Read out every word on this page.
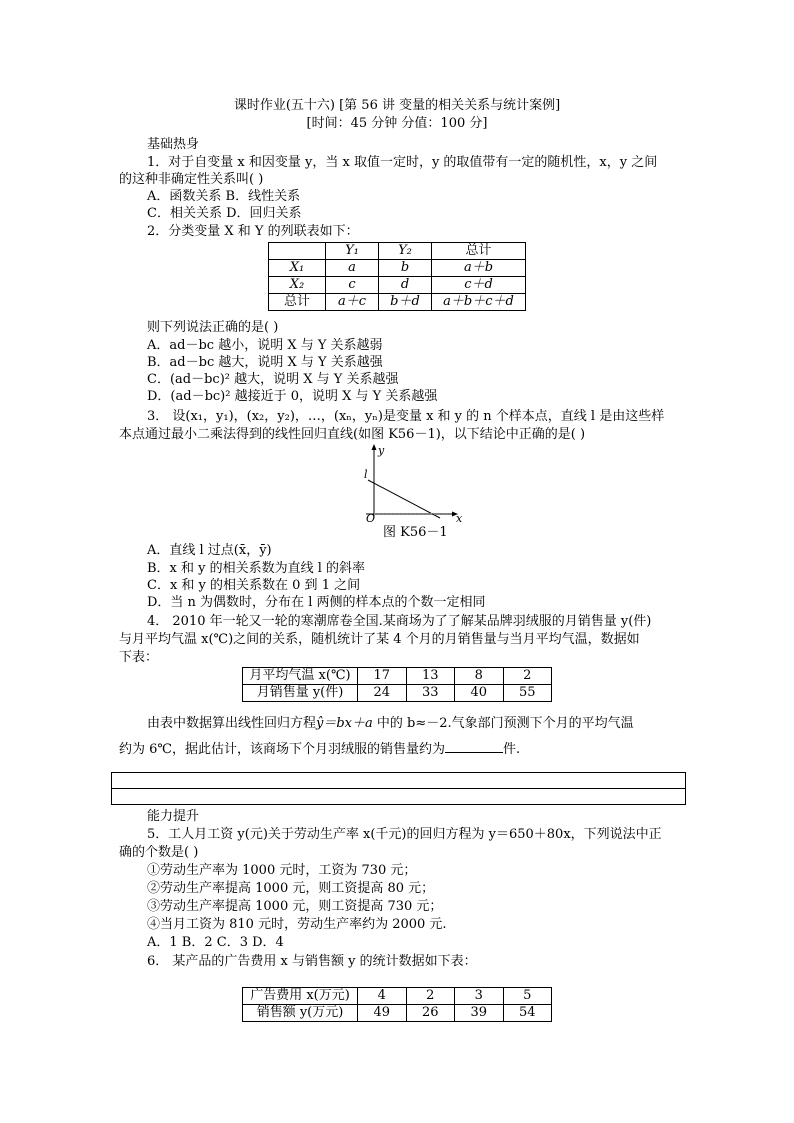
课时作业(五十六) [第 56 讲 变量的相关关系与统计案例]
[时间：45 分钟 分值：100 分]
基础热身
1．对于自变量 x 和因变量 y，当 x 取值一定时，y 的取值带有一定的随机性，x，y 之间
的这种非确定性关系叫( )
A．函数关系 B．线性关系
C．相关关系 D．回归关系
2．分类变量 X 和 Y 的列联表如下：
	Y₁	Y₂	总计
X₁	a	b	a＋b
X₂	c	d	c＋d
总计	a＋c	b＋d	a＋b＋c＋d
则下列说法正确的是( )
A．ad－bc 越小，说明 X 与 Y 关系越弱
B．ad－bc 越大，说明 X 与 Y 关系越强
C．(ad－bc)² 越大，说明 X 与 Y 关系越强
D．(ad－bc)² 越接近于 0，说明 X 与 Y 关系越强
3． 设(x₁，y₁)，(x₂，y₂)，…，(xₙ，yₙ)是变量 x 和 y 的 n 个样本点，直线 l 是由这些样
本点通过最小二乘法得到的线性回归直线(如图 K56－1)，以下结论中正确的是( )
y
x
O
l
图 K56－1
A．直线 l 过点(x̄，ȳ)
B．x 和 y 的相关系数为直线 l 的斜率
C．x 和 y 的相关系数在 0 到 1 之间
D．当 n 为偶数时，分布在 l 两侧的样本点的个数一定相同
4． 2010 年一轮又一轮的寒潮席卷全国.某商场为了了解某品牌羽绒服的月销售量 y(件)
与月平均气温 x(℃)之间的关系，随机统计了某 4 个月的月销售量与当月平均气温，数据如
下表：
月平均气温 x(℃)	17	13	8	2
月销售量 y(件)	24	33	40	55
由表中数据算出线性回归方程ŷ＝bx＋a 中的 b≈－2.气象部门预测下个月的平均气温
约为 6℃，据此估计，该商场下个月羽绒服的销售量约为	件.
能力提升
5．工人月工资 y(元)关于劳动生产率 x(千元)的回归方程为 y＝650＋80x，下列说法中正
确的个数是( )
①劳动生产率为 1000 元时，工资为 730 元；
②劳动生产率提高 1000 元，则工资提高 80 元；
③劳动生产率提高 1000 元，则工资提高 730 元；
④当月工资为 810 元时，劳动生产率约为 2000 元.
A．1 B．2 C．3 D．4
6． 某产品的广告费用 x 与销售额 y 的统计数据如下表：
广告费用 x(万元)	4	2	3	5
销售额 y(万元)	49	26	39	54
